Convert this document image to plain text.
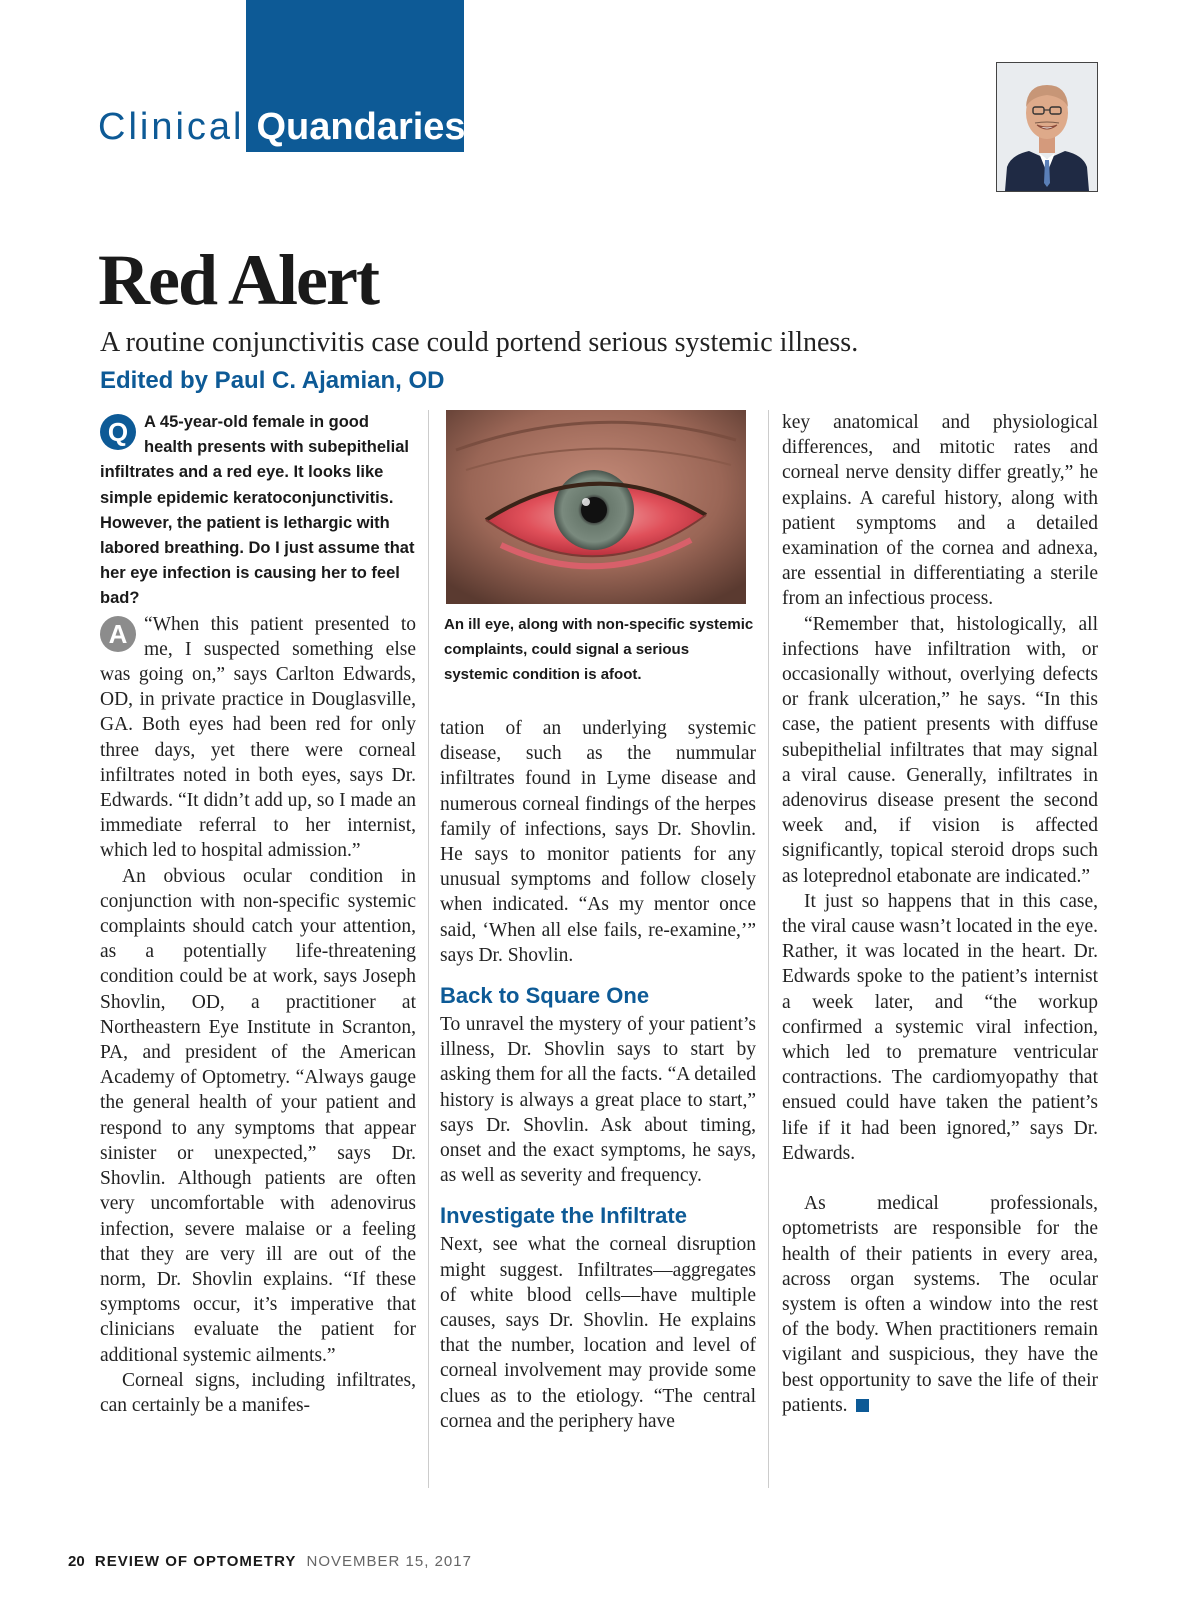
Clinical Quandaries
Red Alert
A routine conjunctivitis case could portend serious systemic illness.
Edited by Paul C. Ajamian, OD
Q A 45-year-old female in good health presents with subepithelial infiltrates and a red eye. It looks like simple epidemic keratoconjunctivitis. However, the patient is lethargic with labored breathing. Do I just assume that her eye infection is causing her to feel bad?

A “When this patient presented to me, I suspected something else was going on,” says Carlton Edwards, OD, in private practice in Douglasville, GA. Both eyes had been red for only three days, yet there were corneal infiltrates noted in both eyes, says Dr. Edwards. “It didn’t add up, so I made an immediate referral to her internist, which led to hospital admission.”

An obvious ocular condition in conjunction with non-specific systemic complaints should catch your attention, as a potentially life-threatening condition could be at work, says Joseph Shovlin, OD, a practitioner at Northeastern Eye Institute in Scranton, PA, and president of the American Academy of Optometry. “Always gauge the general health of your patient and respond to any symptoms that appear sinister or unexpected,” says Dr. Shovlin. Although patients are often very uncomfortable with adenovirus infection, severe malaise or a feeling that they are very ill are out of the norm, Dr. Shovlin explains. “If these symptoms occur, it’s imperative that clinicians evaluate the patient for additional systemic ailments.”

Corneal signs, including infiltrates, can certainly be a manifes-

An ill eye, along with non-specific systemic complaints, could signal a serious systemic condition is afoot.

tation of an underlying systemic disease, such as the nummular infiltrates found in Lyme disease and numerous corneal findings of the herpes family of infections, says Dr. Shovlin. He says to monitor patients for any unusual symptoms and follow closely when indicated. “As my mentor once said, ‘When all else fails, re-examine,’” says Dr. Shovlin.

Back to Square One

To unravel the mystery of your patient’s illness, Dr. Shovlin says to start by asking them for all the facts. “A detailed history is always a great place to start,” says Dr. Shovlin. Ask about timing, onset and the exact symptoms, he says, as well as severity and frequency.

Investigate the Infiltrate

Next, see what the corneal disruption might suggest. Infiltrates—aggregates of white blood cells—have multiple causes, says Dr. Shovlin. He explains that the number, location and level of corneal involvement may provide some clues as to the etiology. “The central cornea and the periphery have

key anatomical and physiological differences, and mitotic rates and corneal nerve density differ greatly,” he explains. A careful history, along with patient symptoms and a detailed examination of the cornea and adnexa, are essential in differentiating a sterile from an infectious process.

“Remember that, histologically, all infections have infiltration with, or occasionally without, overlying defects or frank ulceration,” he says. “In this case, the patient presents with diffuse subepithelial infiltrates that may signal a viral cause. Generally, infiltrates in adenovirus disease present the second week and, if vision is affected significantly, topical steroid drops such as loteprednol etabonate are indicated.”

It just so happens that in this case, the viral cause wasn’t located in the eye. Rather, it was located in the heart. Dr. Edwards spoke to the patient’s internist a week later, and “the workup confirmed a systemic viral infection, which led to premature ventricular contractions. The cardiomyopathy that ensued could have taken the patient’s life if it had been ignored,” says Dr. Edwards.

As medical professionals, optometrists are responsible for the health of their patients in every area, across organ systems. The ocular system is often a window into the rest of the body. When practitioners remain vigilant and suspicious, they have the best opportunity to save the life of their patients.

20 REVIEW OF OPTOMETRY NOVEMBER 15, 2017
